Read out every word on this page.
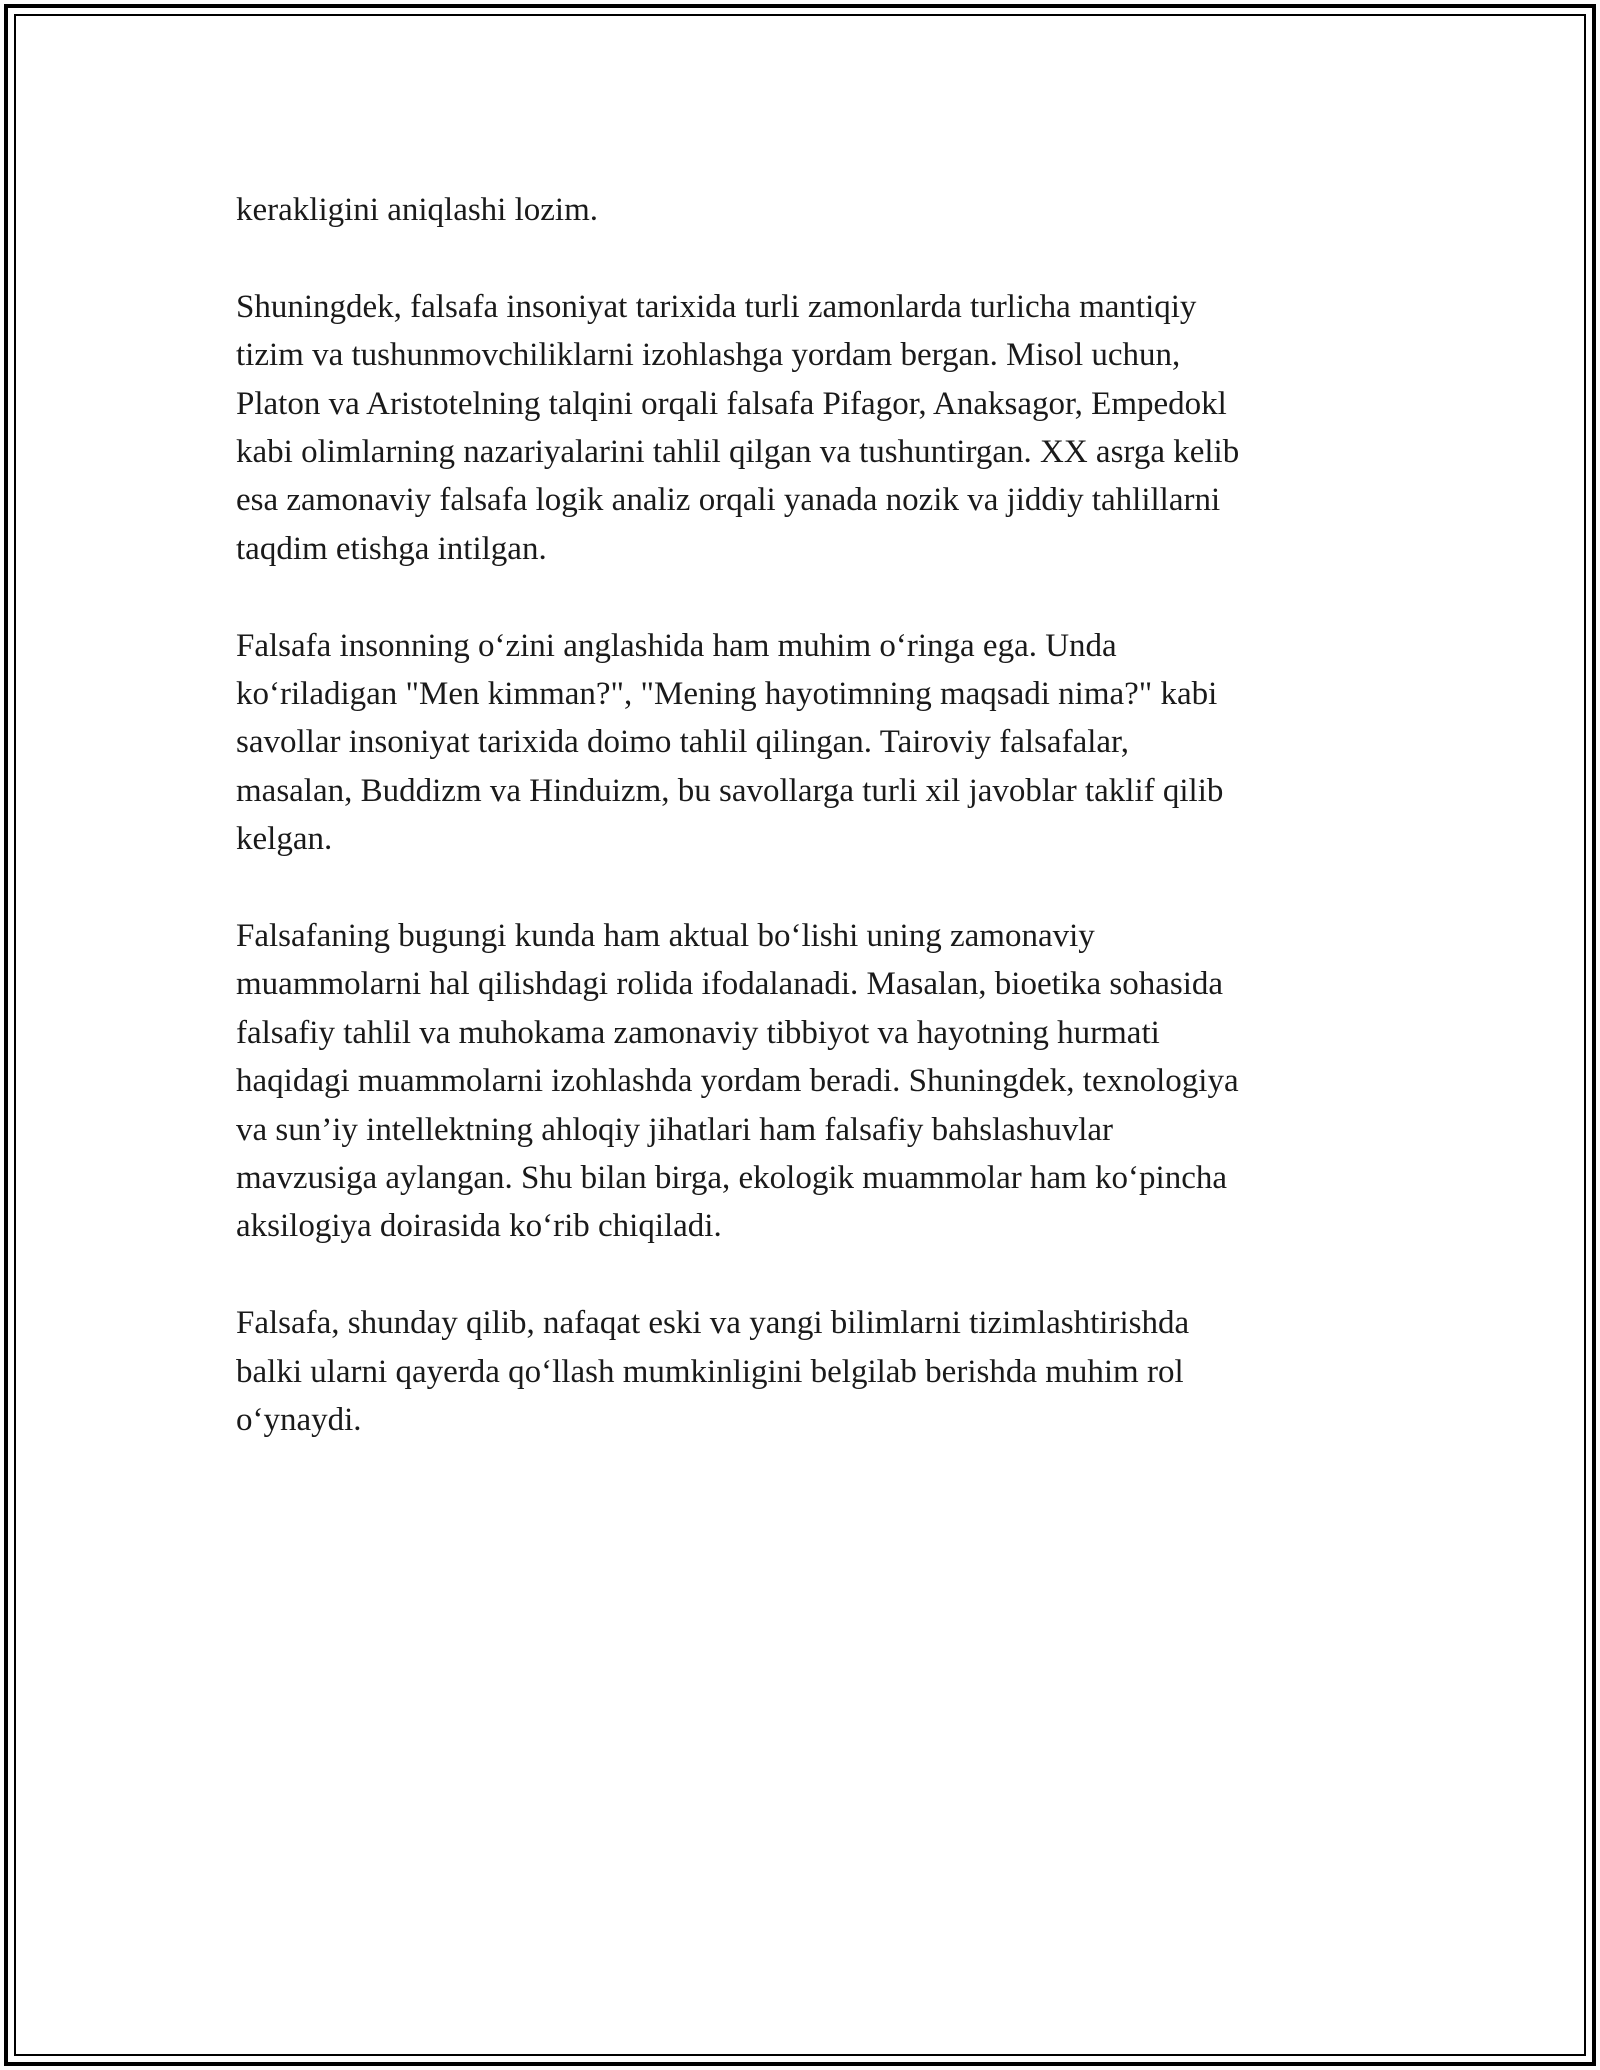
kerakligini aniqlashi lozim.

Shuningdek, falsafa insoniyat tarixida turli zamonlarda turlicha mantiqiy
tizim va tushunmovchiliklarni izohlashga yordam bergan. Misol uchun,
Platon va Aristotelning talqini orqali falsafa Pifagor, Anaksagor, Empedokl
kabi olimlarning nazariyalarini tahlil qilgan va tushuntirgan. XX asrga kelib
esa zamonaviy falsafa logik analiz orqali yanada nozik va jiddiy tahlillarni
taqdim etishga intilgan.

Falsafa insonning o‘zini anglashida ham muhim o‘ringa ega. Unda
ko‘riladigan "Men kimman?", "Mening hayotimning maqsadi nima?" kabi
savollar insoniyat tarixida doimo tahlil qilingan. Tairoviy falsafalar,
masalan, Buddizm va Hinduizm, bu savollarga turli xil javoblar taklif qilib
kelgan.

Falsafaning bugungi kunda ham aktual bo‘lishi uning zamonaviy
muammolarni hal qilishdagi rolida ifodalanadi. Masalan, bioetika sohasida
falsafiy tahlil va muhokama zamonaviy tibbiyot va hayotning hurmati
haqidagi muammolarni izohlashda yordam beradi. Shuningdek, texnologiya
va sun’iy intellektning ahloqiy jihatlari ham falsafiy bahslashuvlar
mavzusiga aylangan. Shu bilan birga, ekologik muammolar ham ko‘pincha
aksilogiya doirasida ko‘rib chiqiladi.

Falsafa, shunday qilib, nafaqat eski va yangi bilimlarni tizimlashtirishda
balki ularni qayerda qo‘llash mumkinligini belgilab berishda muhim rol
o‘ynaydi.
